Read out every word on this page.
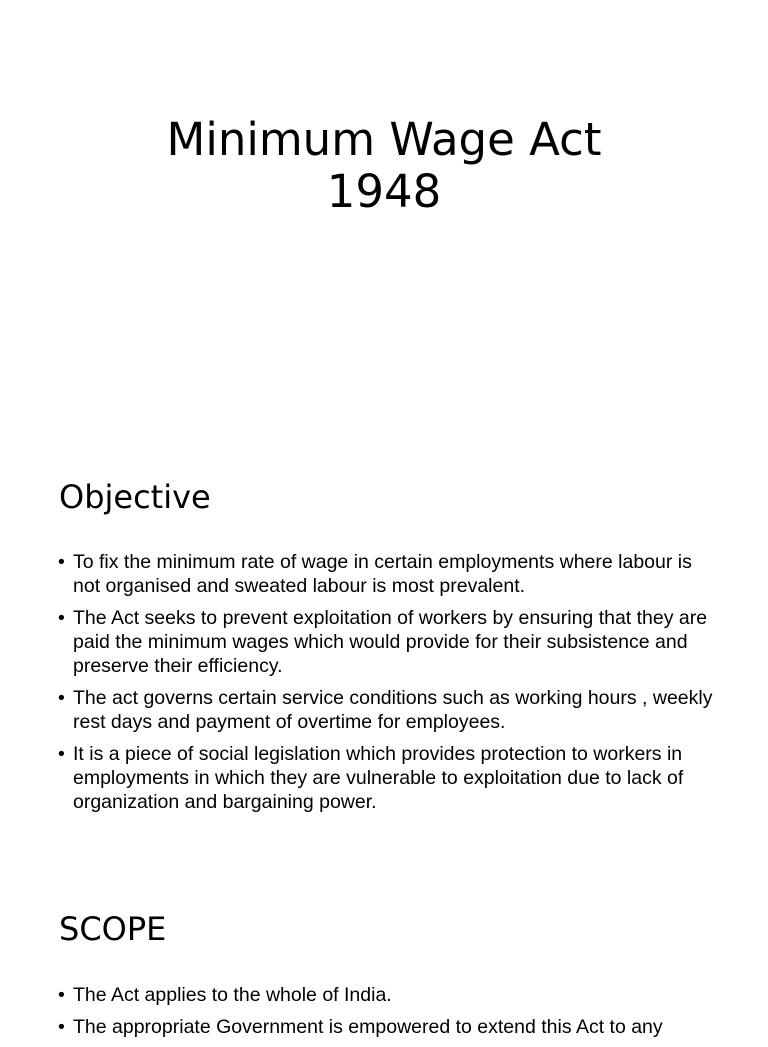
Minimum Wage Act
1948
Objective
• To fix the minimum rate of wage in certain employments where labour is not organised and sweated labour is most prevalent.
• The Act seeks to prevent exploitation of workers by ensuring that they are paid the minimum wages which would provide for their subsistence and preserve their efficiency.
• The act governs certain service conditions such as working hours , weekly rest days and payment of overtime for employees.
• It is a piece of social legislation which provides protection to workers in employments in which they are vulnerable to exploitation due to lack of organization and bargaining power.
SCOPE
• The Act applies to the whole of India.
• The appropriate Government is empowered to extend this Act to any
